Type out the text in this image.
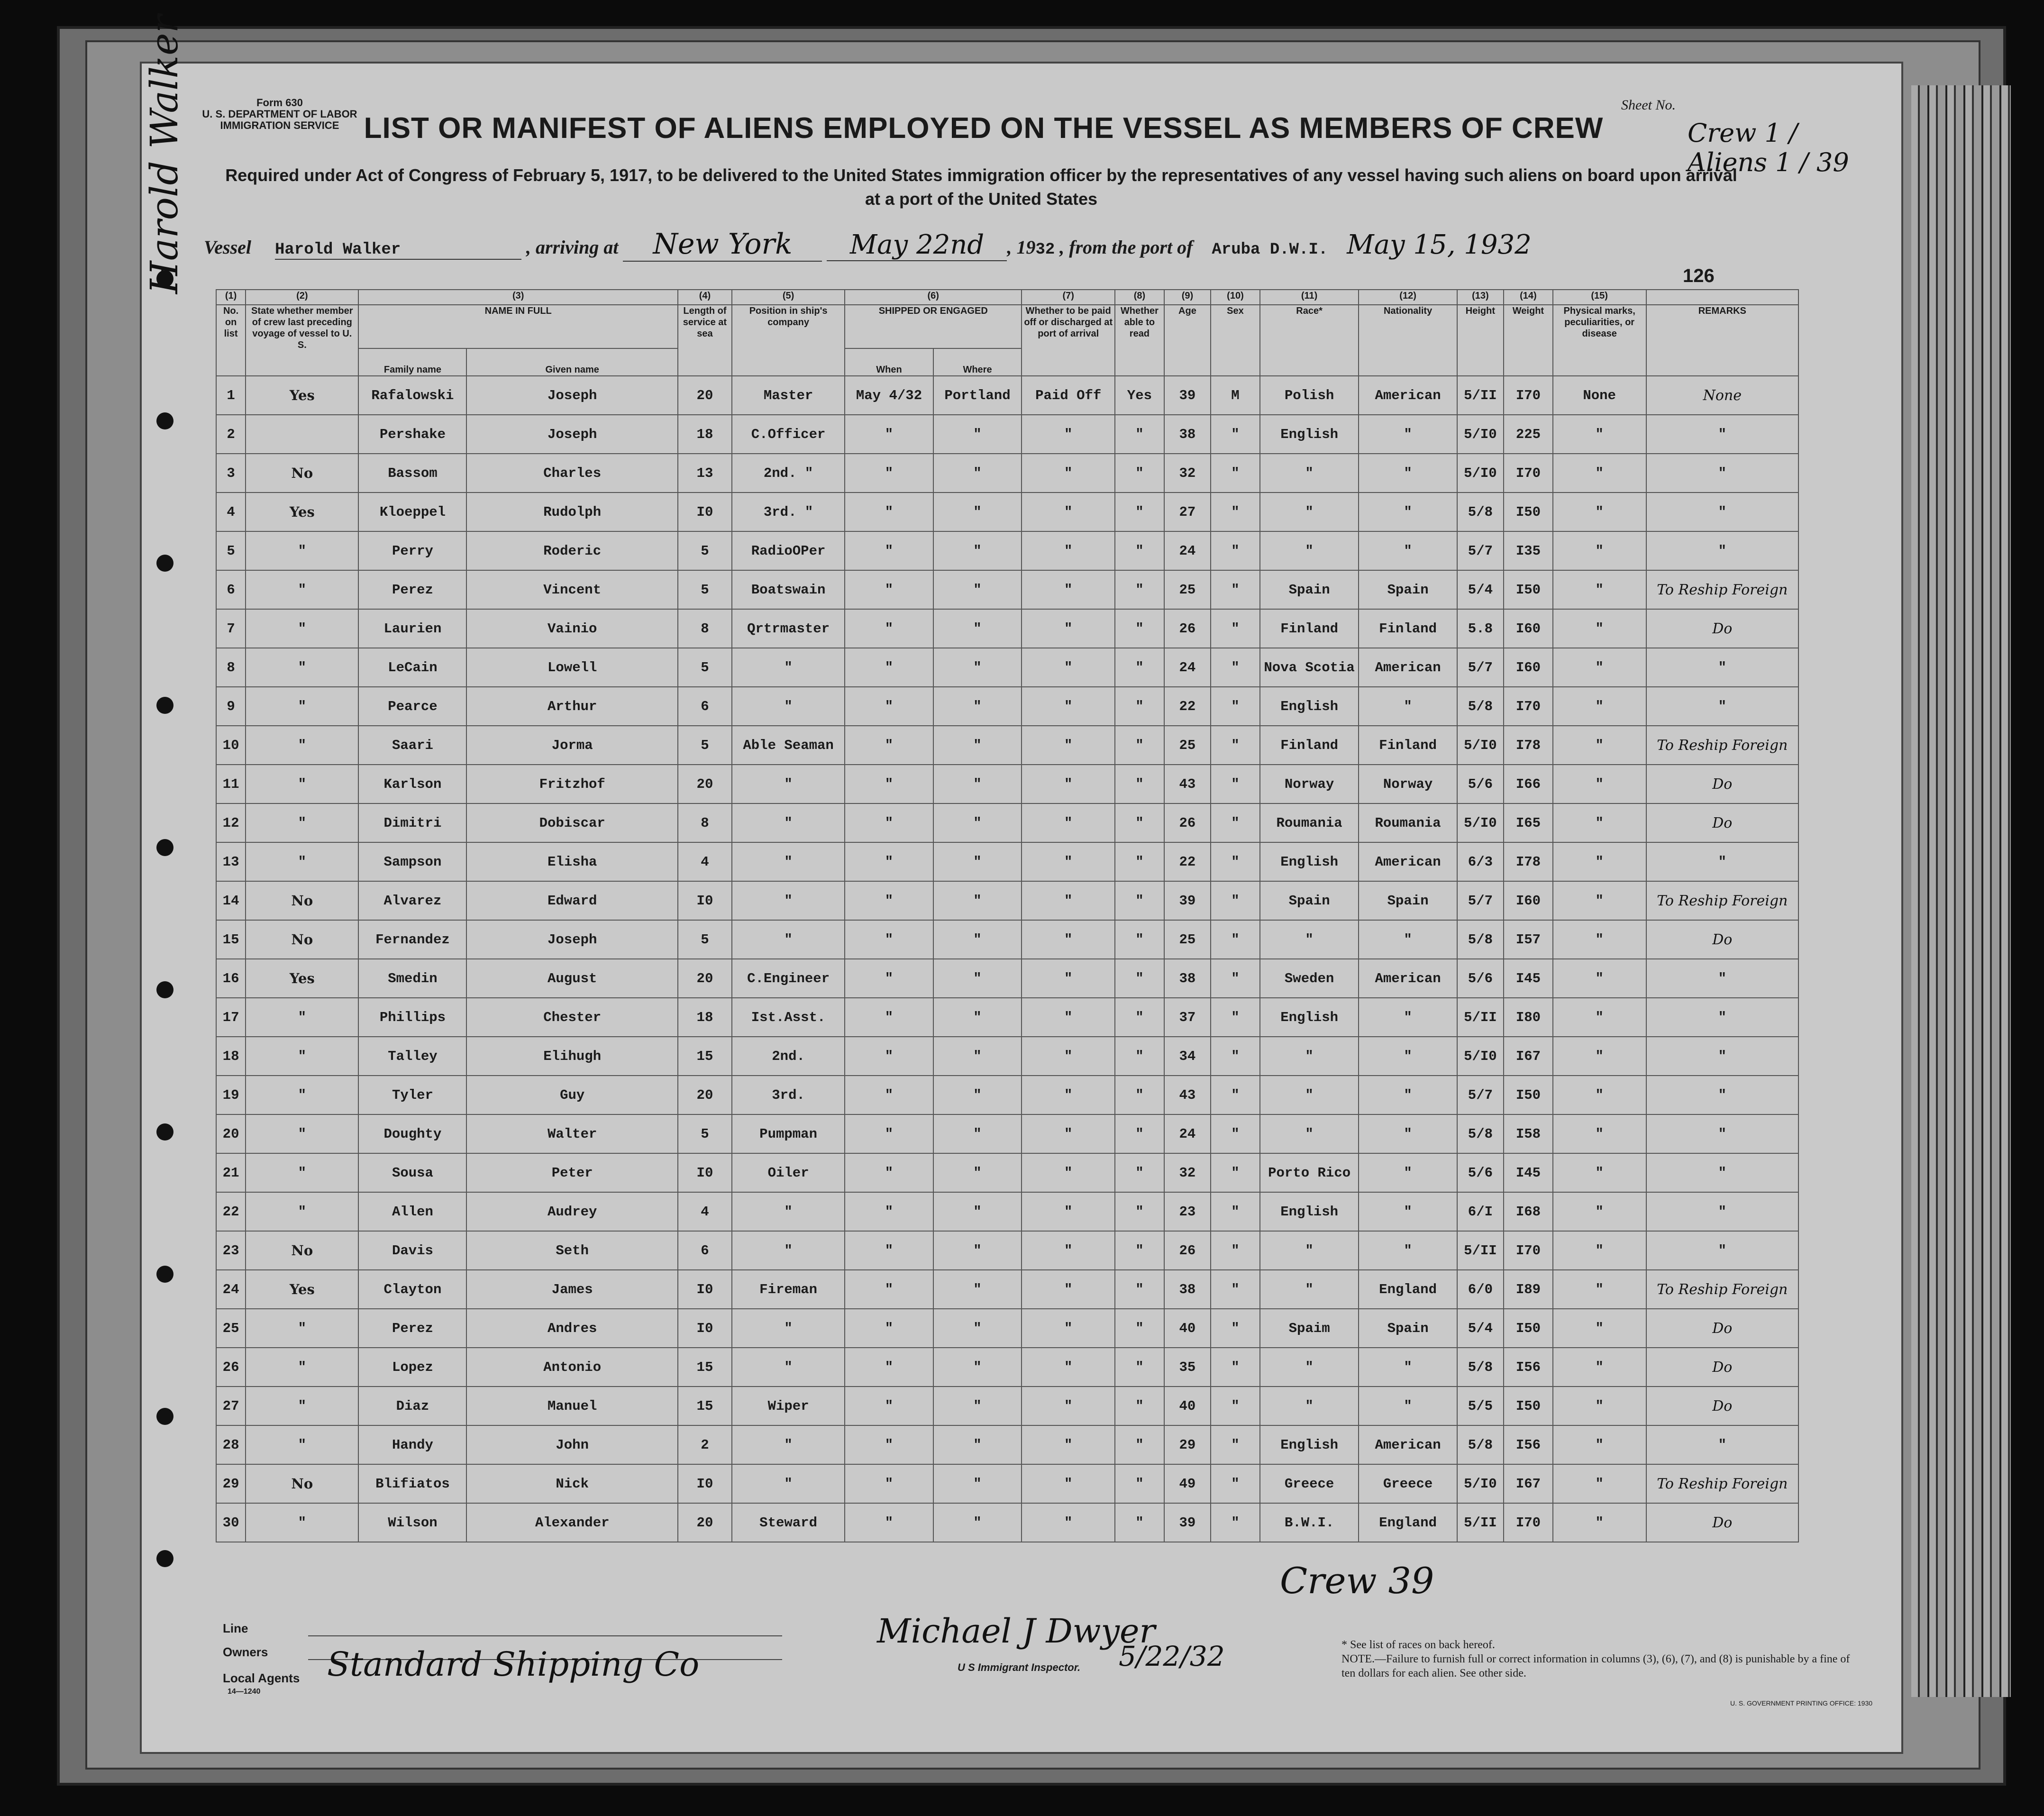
Harold Walker	Form 630
U. S. DEPARTMENT OF LABOR
IMMIGRATION SERVICE LIST OR MANIFEST OF ALIENS EMPLOYED ON THE VESSEL AS MEMBERS OF CREW
Required under Act of Congress of February 5, 1917, to be delivered to the United States immigration officer by the representatives of any vessel having such aliens on board upon arrival at a port of the United States
Sheet No.
Crew 1 / Aliens 1 / 39
Vessel Harold Walker	, arriving at New York May 22nd , 1932 , from the port of Aruba D.W.I. May 15, 1932
126
(1)	(2)	(3)		(4)	(5)	(6)		(7)	(8)	(9)	(10)	(11)	(12)	(13)	(14)	(15)	
No. on list	State whether member of crew last preceding voyage of vessel to U. S.	NAME IN FULL		Length of service at sea	Position in ship's company	SHIPPED OR ENGAGED		Whether to be paid off or discharged at port of arrival	Whether able to read	Age	Sex	Race*	Nationality	Height	Weight	Physical marks, peculiarities, or disease	REMARKS
		Family name	Given name			When	Where										
1	Yes	Rafalowski	Joseph	20	Master	May 4/32	Portland	Paid Off	Yes	39	M	Polish	American	5/II	I70	None	None
2		Pershake	Joseph	18	C.Officer	"	"	"	"	38	"	English	"	5/I0	225	"	"
3	No	Bassom	Charles	13	2nd. "	"	"	"	"	32	"	"	"	5/I0	I70	"	"
4	Yes	Kloeppel	Rudolph	I0	3rd. "	"	"	"	"	27	"	"	"	5/8	I50	"	"
5	"	Perry	Roderic	5	RadioOPer	"	"	"	"	24	"	"	"	5/7	I35	"	"
6	"	Perez	Vincent	5	Boatswain	"	"	"	"	25	"	Spain	Spain	5/4	I50	"	To Reship Foreign
7	"	Laurien	Vainio	8	Qrtrmaster	"	"	"	"	26	"	Finland	Finland	5.8	I60	"	Do
8	"	LeCain	Lowell	5	"	"	"	"	"	24	"	Nova Scotia	American	5/7	I60	"	"
9	"	Pearce	Arthur	6	"	"	"	"	"	22	"	English	"	5/8	I70	"	"
10	"	Saari	Jorma	5	Able Seaman	"	"	"	"	25	"	Finland	Finland	5/I0	I78	"	To Reship Foreign
11	"	Karlson	Fritzhof	20	"	"	"	"	"	43	"	Norway	Norway	5/6	I66	"	Do
12	"	Dimitri	Dobiscar	8	"	"	"	"	"	26	"	Roumania	Roumania	5/I0	I65	"	Do
13	"	Sampson	Elisha	4	"	"	"	"	"	22	"	English	American	6/3	I78	"	"
14	No	Alvarez	Edward	I0	"	"	"	"	"	39	"	Spain	Spain	5/7	I60	"	To Reship Foreign
15	No	Fernandez	Joseph	5	"	"	"	"	"	25	"	"	"	5/8	I57	"	Do
16	Yes	Smedin	August	20	C.Engineer	"	"	"	"	38	"	Sweden	American	5/6	I45	"	"
17	"	Phillips	Chester	18	Ist.Asst.	"	"	"	"	37	"	English	"	5/II	I80	"	"
18	"	Talley	Elihugh	15	2nd.	"	"	"	"	34	"	"	"	5/I0	I67	"	"
19	"	Tyler	Guy	20	3rd.	"	"	"	"	43	"	"	"	5/7	I50	"	"
20	"	Doughty	Walter	5	Pumpman	"	"	"	"	24	"	"	"	5/8	I58	"	"
21	"	Sousa	Peter	I0	Oiler	"	"	"	"	32	"	Porto Rico	"	5/6	I45	"	"
22	"	Allen	Audrey	4	"	"	"	"	"	23	"	English	"	6/I	I68	"	"
23	No	Davis	Seth	6	"	"	"	"	"	26	"	"	"	5/II	I70	"	"
24	Yes	Clayton	James	I0	Fireman	"	"	"	"	38	"	"	England	6/0	I89	"	To Reship Foreign
25	"	Perez	Andres	I0	"	"	"	"	"	40	"	Spaim	Spain	5/4	I50	"	Do
26	"	Lopez	Antonio	15	"	"	"	"	"	35	"	"	"	5/8	I56	"	Do
27	"	Diaz	Manuel	15	Wiper	"	"	"	"	40	"	"	"	5/5	I50	"	Do
28	"	Handy	John	2	"	"	"	"	"	29	"	English	American	5/8	I56	"	"
29	No	Blifiatos	Nick	I0	"	"	"	"	"	49	"	Greece	Greece	5/I0	I67	"	To Reship Foreign
30	"	Wilson	Alexander	20	Steward	"	"	"	"	39	"	B.W.I.	England	5/II	I70	"	Do
Line
Owners
Local Agents
14—1240
Standard Shipping Co
Michael J Dwyer
U S Immigrant Inspector. 5/22/32
Crew 39
* See list of races on back hereof.
NOTE.—Failure to furnish full or correct information in columns (3), (6), (7), and (8) is punishable by a fine of ten dollars for each alien. See other side.
U. S. GOVERNMENT PRINTING OFFICE: 1930
